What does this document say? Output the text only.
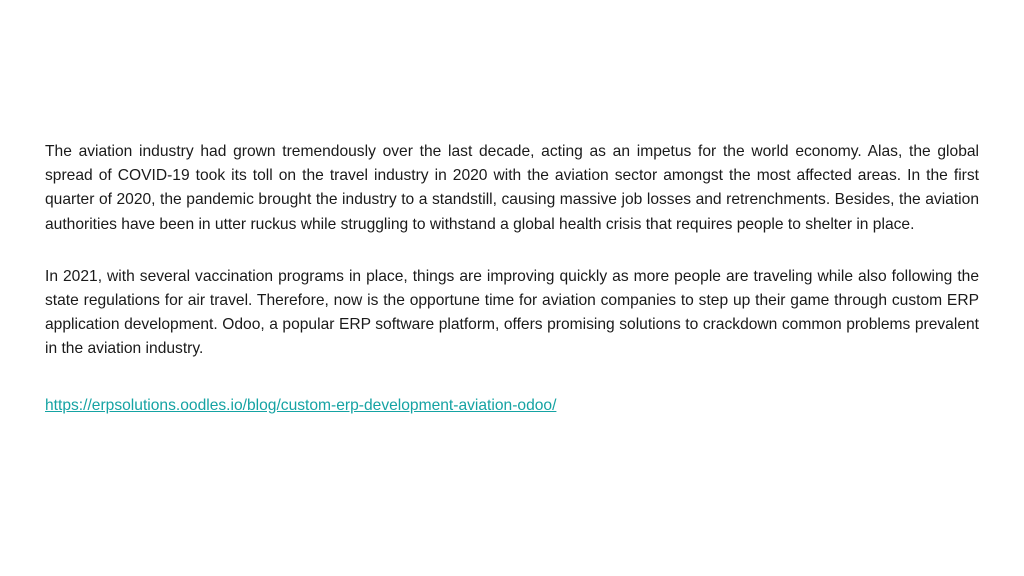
The aviation industry had grown tremendously over the last decade, acting as an impetus for the world economy. Alas, the global spread of COVID-19 took its toll on the travel industry in 2020 with the aviation sector amongst the most affected areas. In the first quarter of 2020, the pandemic brought the industry to a standstill, causing massive job losses and retrenchments. Besides, the aviation authorities have been in utter ruckus while struggling to withstand a global health crisis that requires people to shelter in place.

In 2021, with several vaccination programs in place, things are improving quickly as more people are traveling while also following the state regulations for air travel. Therefore, now is the opportune time for aviation companies to step up their game through custom ERP application development. Odoo, a popular ERP software platform, offers promising solutions to crackdown common problems prevalent in the aviation industry.

https://erpsolutions.oodles.io/blog/custom-erp-development-aviation-odoo/
